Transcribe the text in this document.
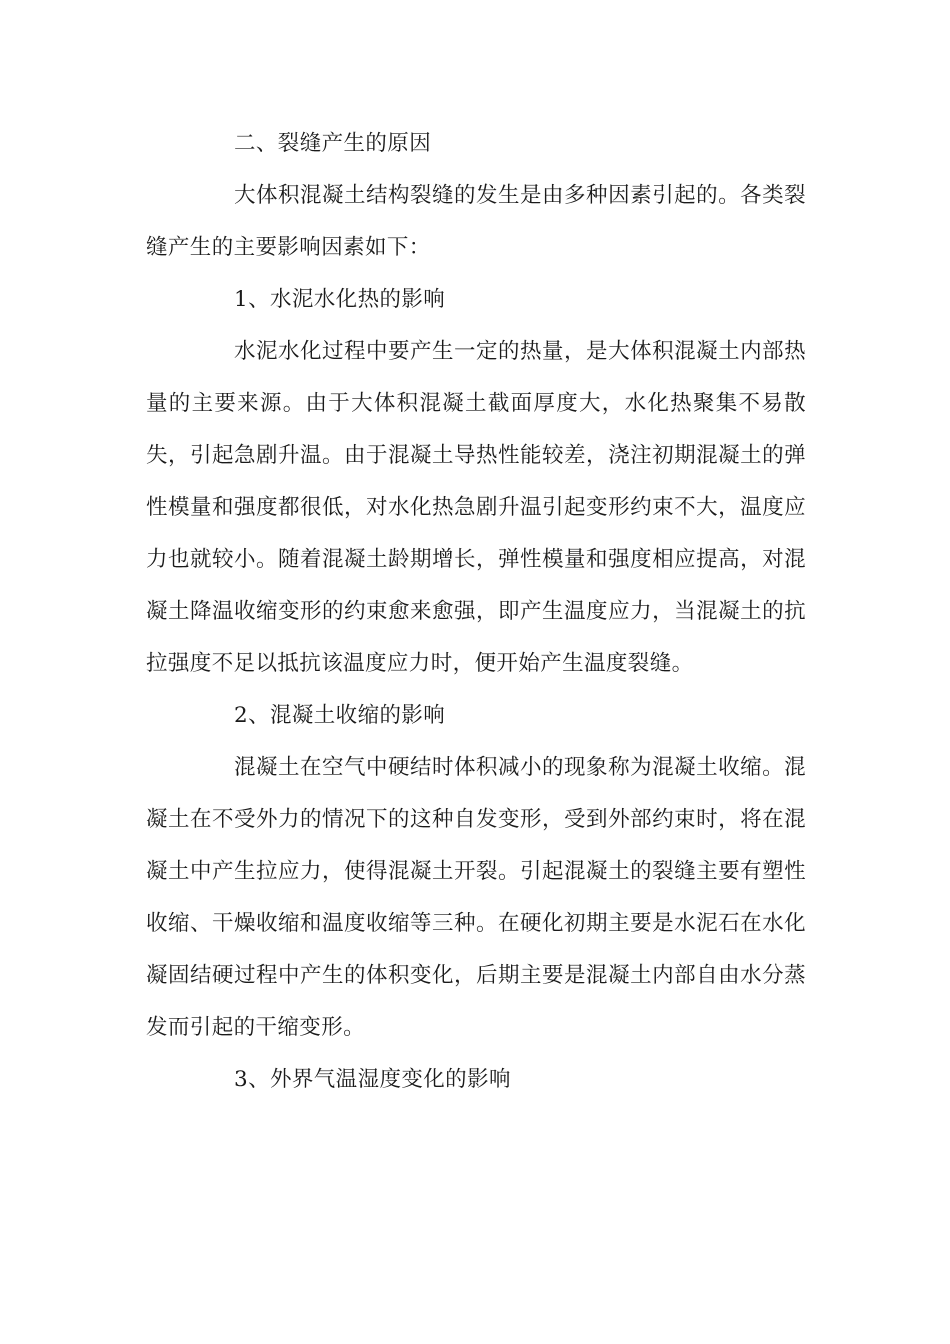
二、裂缝产生的原因

大体积混凝土结构裂缝的发生是由多种因素引起的。各类裂缝产生的主要影响因素如下：

1、水泥水化热的影响

水泥水化过程中要产生一定的热量，是大体积混凝土内部热量的主要来源。由于大体积混凝土截面厚度大，水化热聚集不易散失，引起急剧升温。由于混凝土导热性能较差，浇注初期混凝土的弹性模量和强度都很低，对水化热急剧升温引起变形约束不大，温度应力也就较小。随着混凝土龄期增长，弹性模量和强度相应提高，对混凝土降温收缩变形的约束愈来愈强，即产生温度应力，当混凝土的抗拉强度不足以抵抗该温度应力时，便开始产生温度裂缝。

2、混凝土收缩的影响

混凝土在空气中硬结时体积减小的现象称为混凝土收缩。混凝土在不受外力的情况下的这种自发变形，受到外部约束时，将在混凝土中产生拉应力，使得混凝土开裂。引起混凝土的裂缝主要有塑性收缩、干燥收缩和温度收缩等三种。在硬化初期主要是水泥石在水化凝固结硬过程中产生的体积变化，后期主要是混凝土内部自由水分蒸发而引起的干缩变形。

3、外界气温湿度变化的影响
